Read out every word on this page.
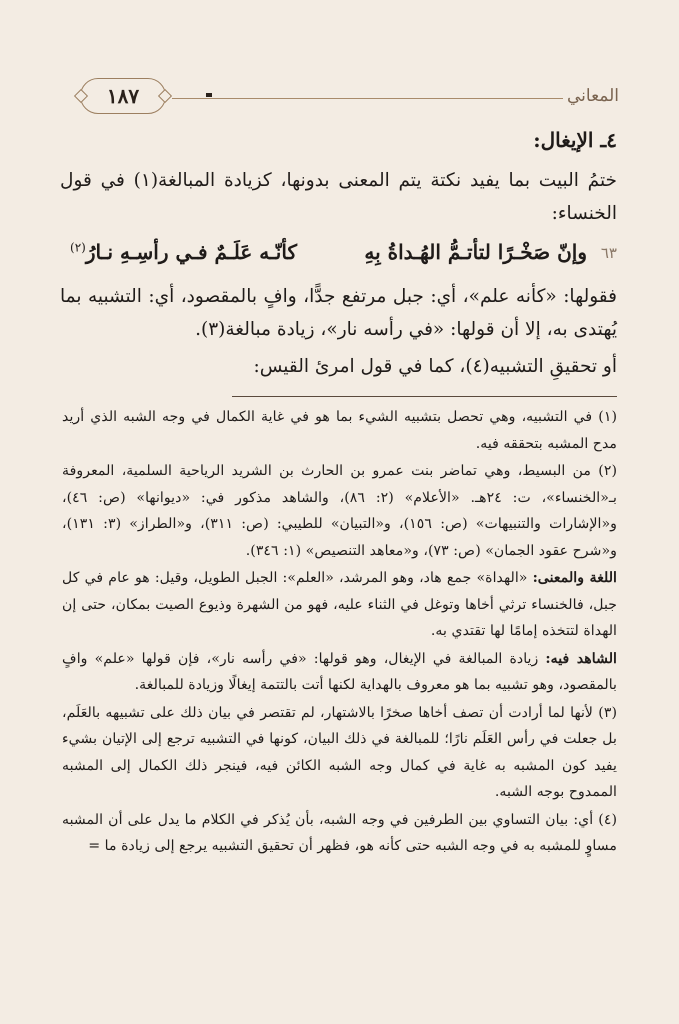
المعاني
١٨٧
٤ـ الإيغال:

ختمُ البيت بما يفيد نكتة يتم المعنى بدونها، كزيادة المبالغة(١) في قول الخنساء:

٦٣
وإنّ صَخْـرًا لتأتـمُّ الهُـداةُ بِهِ
كأنّـه عَلَـمٌ فـي رأسِـهِ نـارُ$^{(٢)}$

فقولها: «كأنه علم»، أي: جبل مرتفع جدًّا، وافٍ بالمقصود، أي: التشبيه بما يُهتدى به، إلا أن قولها: «في رأسه نار»، زيادة مبالغة(٣).

أو تحقيقِ التشبيه(٤)، كما في قول امرئ القيس:

(١) في التشبيه، وهي تحصل بتشبيه الشيء بما هو في غاية الكمال في وجه الشبه الذي أريد مدح المشبه بتحققه فيه.

(٢) من البسيط، وهي تماضر بنت عمرو بن الحارث بن الشريد الرياحية السلمية، المعروفة بـ«الخنساء»، ت: ٢٤هـ. «الأعلام» (٢: ٨٦)، والشاهد مذكور في: «ديوانها» (ص: ٤٦)، و«الإشارات والتنبيهات» (ص: ١٥٦)، و«التبيان» للطيبي: (ص: ٣١١)، و«الطراز» (٣: ١٣١)، و«شرح عقود الجمان» (ص: ٧٣)، و«معاهد التنصيص» (١: ٣٤٦).

اللغة والمعنى: «الهداة» جمع هاد، وهو المرشد، «العلم»: الجبل الطويل، وقيل: هو عام في كل جبل، فالخنساء ترثي أخاها وتوغل في الثناء عليه، فهو من الشهرة وذيوع الصيت بمكان، حتى إن الهداة لتتخذه إمامًا لها تقتدي به.

الشاهد فيه: زيادة المبالغة في الإيغال، وهو قولها: «في رأسه نار»، فإن قولها «علم» وافٍ بالمقصود، وهو تشبيه بما هو معروف بالهداية لكنها أتت بالتتمة إيغالًا وزيادة للمبالغة.

(٣) لأنها لما أرادت أن تصف أخاها صخرًا بالاشتهار، لم تقتصر في بيان ذلك على تشبيهه بالعَلَم، بل جعلت في رأس العَلَم نارًا؛ للمبالغة في ذلك البيان، كونها في التشبيه ترجع إلى الإتيان بشيء يفيد كون المشبه به غاية في كمال وجه الشبه الكائن فيه، فينجر ذلك الكمال إلى المشبه الممدوح بوجه الشبه.

(٤) أي: بيان التساوي بين الطرفين في وجه الشبه، بأن يُذكر في الكلام ما يدل على أن المشبه مساوٍ للمشبه به في وجه الشبه حتى كأنه هو، فظهر أن تحقيق التشبيه يرجع إلى زيادة ما =
